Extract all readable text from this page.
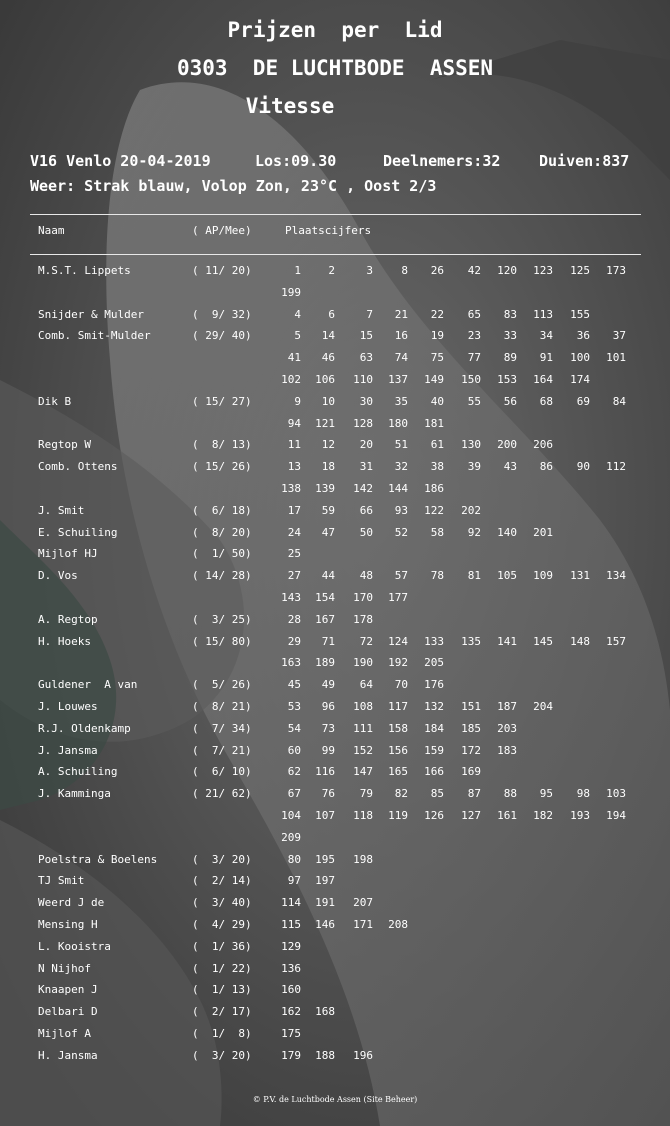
Prijzen  per  Lid
0303  DE LUCHTBODE  ASSEN
Vitesse
V16 Venlo 20-04-2019	Los:09.30	Deelnemers:32	Duiven:837
Weer: Strak blauw, Volop Zon, 23°C , Oost 2/3
Naam	( AP/Mee)	Plaatscijfers
M.S.T. Lippets	( 11/ 20)	1	2	3	8	26	42	120	123	125	173
199
Snijder & Mulder	(  9/ 32)	4	6	7	21	22	65	83	113	155
Comb. Smit-Mulder	( 29/ 40)	5	14	15	16	19	23	33	34	36	37
41	46	63	74	75	77	89	91	100	101
102	106	110	137	149	150	153	164	174
Dik B	( 15/ 27)	9	10	30	35	40	55	56	68	69	84
94	121	128	180	181
Regtop W	(  8/ 13)	11	12	20	51	61	130	200	206
Comb. Ottens	( 15/ 26)	13	18	31	32	38	39	43	86	90	112
138	139	142	144	186
J. Smit	(  6/ 18)	17	59	66	93	122	202
E. Schuiling	(  8/ 20)	24	47	50	52	58	92	140	201
Mijlof HJ	(  1/ 50)	25
D. Vos	( 14/ 28)	27	44	48	57	78	81	105	109	131	134
143	154	170	177
A. Regtop	(  3/ 25)	28	167	178
H. Hoeks	( 15/ 80)	29	71	72	124	133	135	141	145	148	157
163	189	190	192	205
Guldener  A van	(  5/ 26)	45	49	64	70	176
J. Louwes	(  8/ 21)	53	96	108	117	132	151	187	204
R.J. Oldenkamp	(  7/ 34)	54	73	111	158	184	185	203
J. Jansma	(  7/ 21)	60	99	152	156	159	172	183
A. Schuiling	(  6/ 10)	62	116	147	165	166	169
J. Kamminga	( 21/ 62)	67	76	79	82	85	87	88	95	98	103
104	107	118	119	126	127	161	182	193	194
209
Poelstra & Boelens	(  3/ 20)	80	195	198
TJ Smit	(  2/ 14)	97	197
Weerd J de	(  3/ 40)	114	191	207
Mensing H	(  4/ 29)	115	146	171	208
L. Kooistra	(  1/ 36)	129
N Nijhof	(  1/ 22)	136
Knaapen J	(  1/ 13)	160
Delbari D	(  2/ 17)	162	168
Mijlof A	(  1/  8)	175
H. Jansma	(  3/ 20)	179	188	196
© P.V. de Luchtbode Assen (Site Beheer)
